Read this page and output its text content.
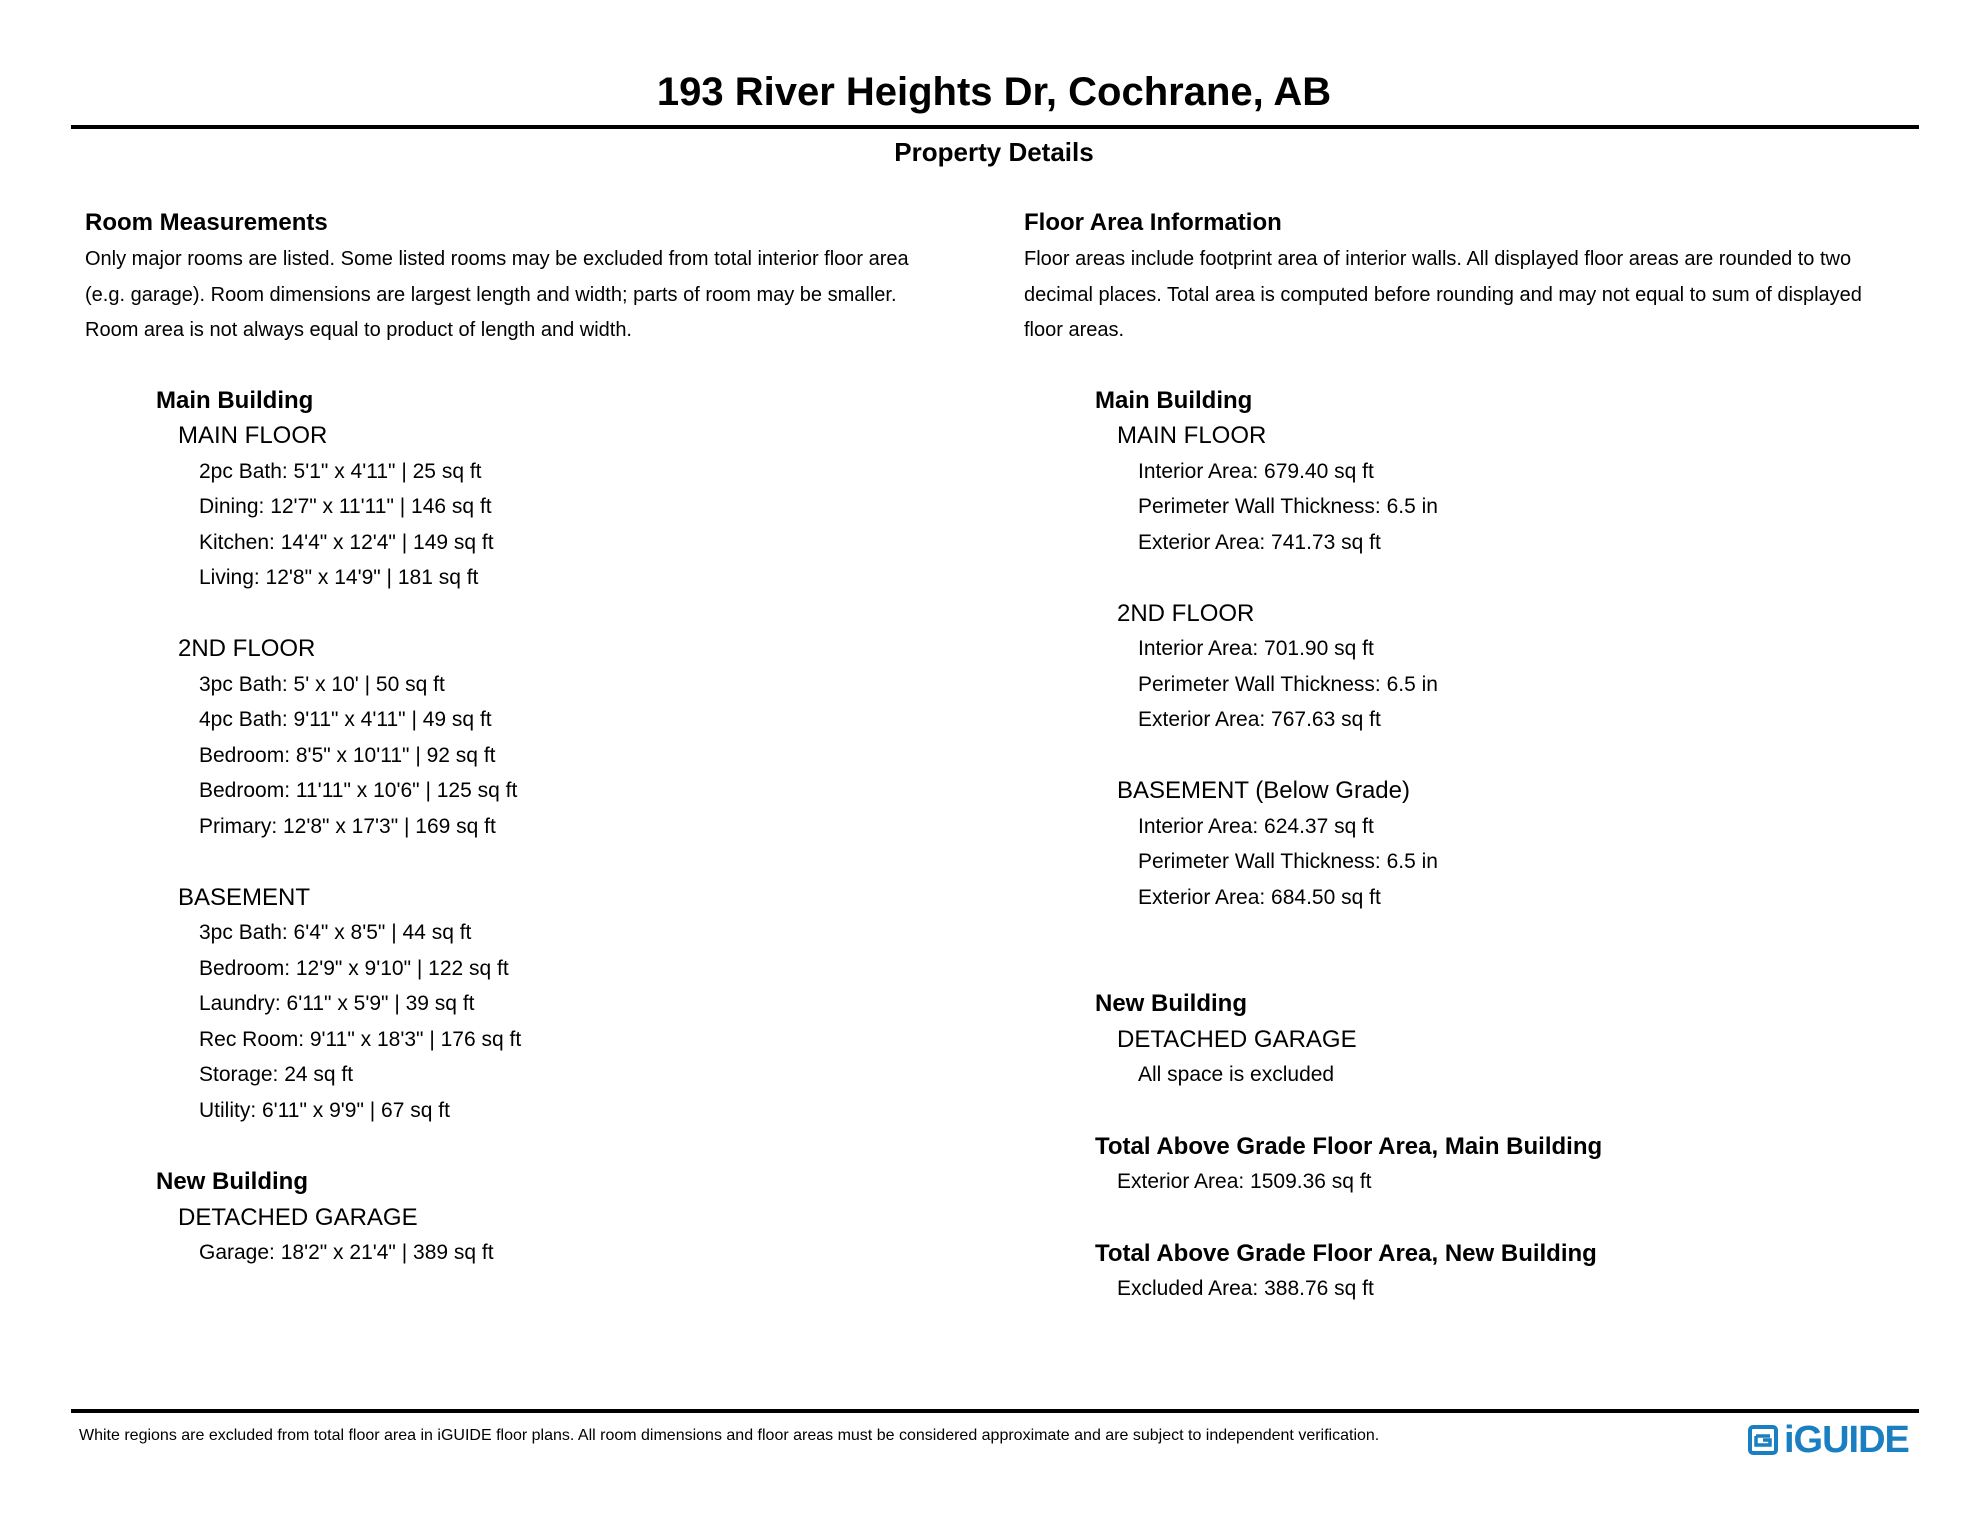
193 River Heights Dr, Cochrane, AB
Property Details
Room Measurements
Only major rooms are listed. Some listed rooms may be excluded from total interior floor area
(e.g. garage). Room dimensions are largest length and width; parts of room may be smaller.
Room area is not always equal to product of length and width.
Main Building
MAIN FLOOR
2pc Bath: 5'1" x 4'11" | 25 sq ft
Dining: 12'7" x 11'11" | 146 sq ft
Kitchen: 14'4" x 12'4" | 149 sq ft
Living: 12'8" x 14'9" | 181 sq ft
2ND FLOOR
3pc Bath: 5' x 10' | 50 sq ft
4pc Bath: 9'11" x 4'11" | 49 sq ft
Bedroom: 8'5" x 10'11" | 92 sq ft
Bedroom: 11'11" x 10'6" | 125 sq ft
Primary: 12'8" x 17'3" | 169 sq ft
BASEMENT
3pc Bath: 6'4" x 8'5" | 44 sq ft
Bedroom: 12'9" x 9'10" | 122 sq ft
Laundry: 6'11" x 5'9" | 39 sq ft
Rec Room: 9'11" x 18'3" | 176 sq ft
Storage: 24 sq ft
Utility: 6'11" x 9'9" | 67 sq ft
New Building
DETACHED GARAGE
Garage: 18'2" x 21'4" | 389 sq ft
Floor Area Information
Floor areas include footprint area of interior walls. All displayed floor areas are rounded to two
decimal places. Total area is computed before rounding and may not equal to sum of displayed
floor areas.
Main Building
MAIN FLOOR
Interior Area: 679.40 sq ft
Perimeter Wall Thickness: 6.5 in
Exterior Area: 741.73 sq ft
2ND FLOOR
Interior Area: 701.90 sq ft
Perimeter Wall Thickness: 6.5 in
Exterior Area: 767.63 sq ft
BASEMENT (Below Grade)
Interior Area: 624.37 sq ft
Perimeter Wall Thickness: 6.5 in
Exterior Area: 684.50 sq ft
New Building
DETACHED GARAGE
All space is excluded
Total Above Grade Floor Area, Main Building
Exterior Area: 1509.36 sq ft
Total Above Grade Floor Area, New Building
Excluded Area: 388.76 sq ft
White regions are excluded from total floor area in iGUIDE floor plans. All room dimensions and floor areas must be considered approximate and are subject to independent verification.	iGUIDE
